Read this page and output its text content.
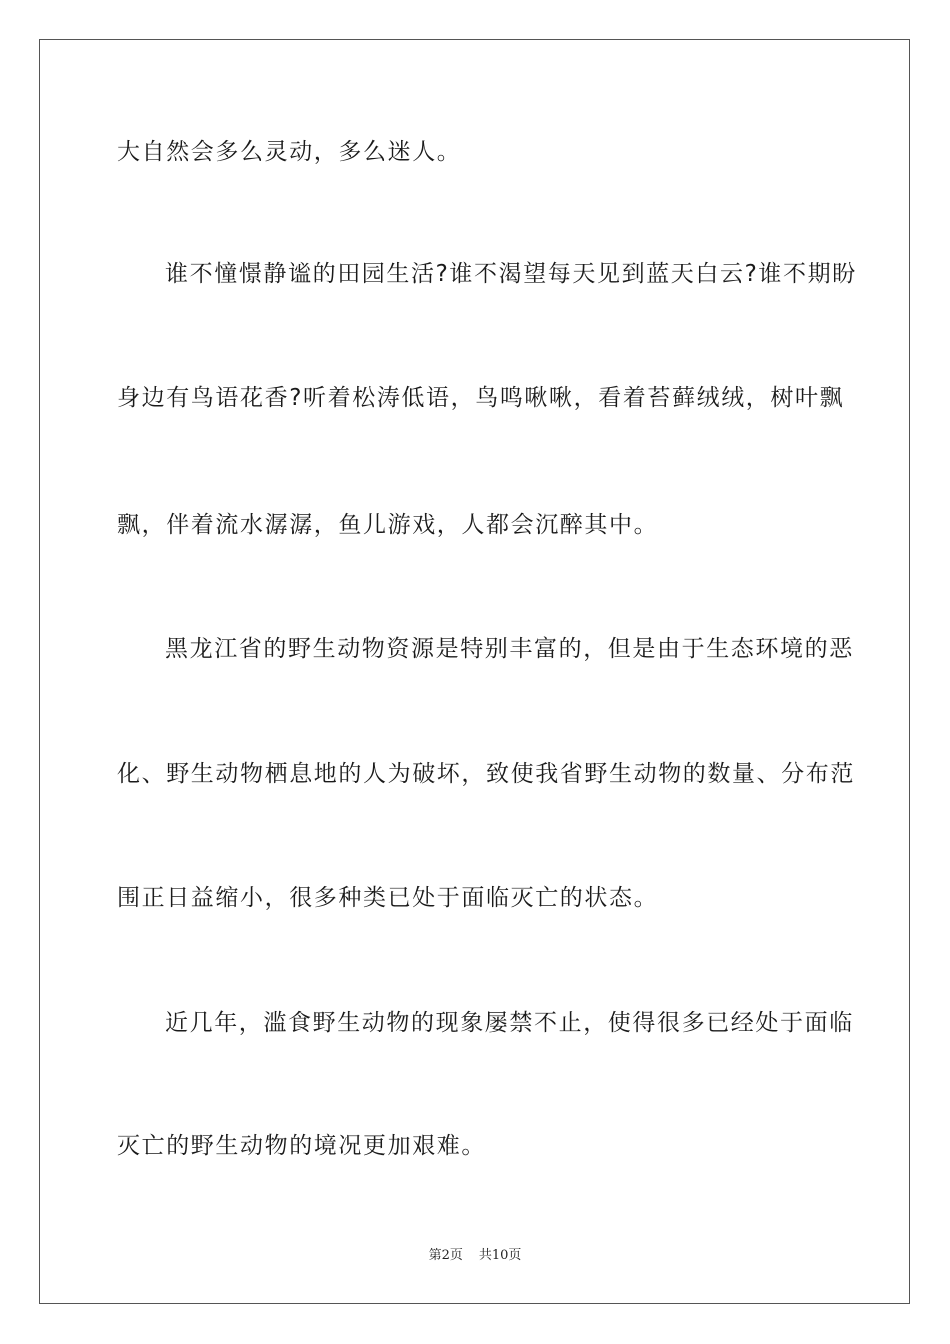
大自然会多么灵动，多么迷人。

谁不憧憬静谧的田园生活?谁不渴望每天见到蓝天白云?谁不期盼

身边有鸟语花香?听着松涛低语，鸟鸣啾啾，看着苔藓绒绒，树叶飘

飘，伴着流水潺潺，鱼儿游戏，人都会沉醉其中。

黑龙江省的野生动物资源是特别丰富的，但是由于生态环境的恶

化、野生动物栖息地的人为破坏，致使我省野生动物的数量、分布范

围正日益缩小，很多种类已处于面临灭亡的状态。

近几年，滥食野生动物的现象屡禁不止，使得很多已经处于面临

灭亡的野生动物的境况更加艰难。

第2页 共10页
